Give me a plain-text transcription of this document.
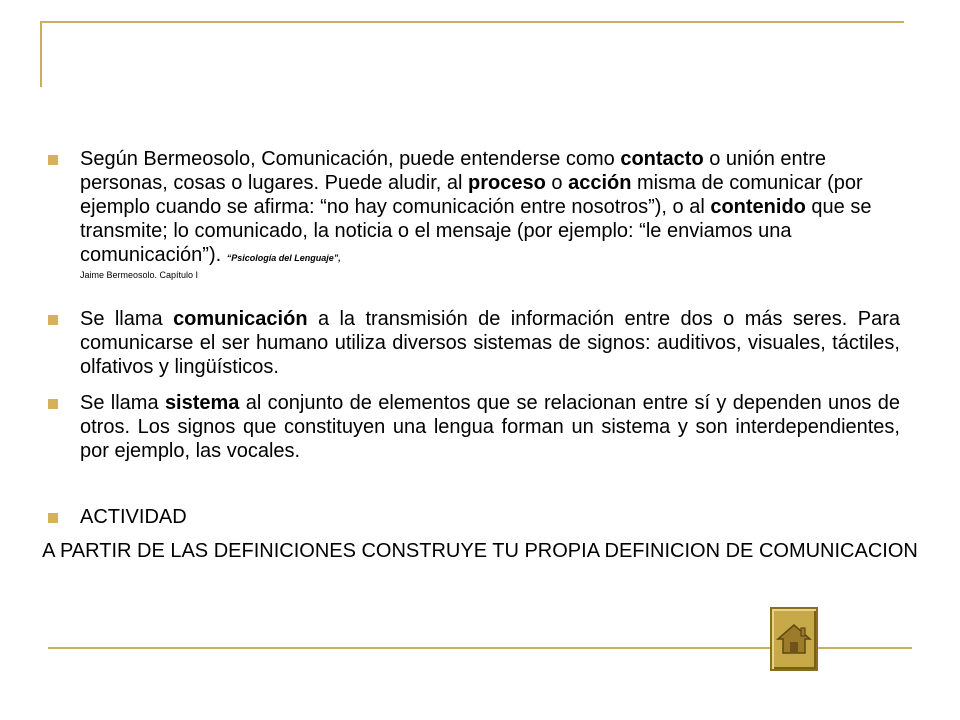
Según Bermeosolo, Comunicación, puede entenderse como contacto o unión entre personas, cosas o lugares. Puede aludir, al proceso o acción misma de comunicar (por ejemplo cuando se afirma: “no hay comunicación entre nosotros”), o al contenido que se transmite; lo comunicado, la noticia o el mensaje (por ejemplo: “le enviamos una comunicación”). “Psicología del Lenguaje”,
Jaime Bermeosolo. Capítulo I
Se llama comunicación a la transmisión de información entre dos o más seres. Para comunicarse el ser humano utiliza diversos sistemas de signos: auditivos, visuales, táctiles, olfativos y lingüísticos.
Se llama sistema al conjunto de elementos que se relacionan entre sí y dependen unos de otros. Los signos que constituyen una lengua forman un sistema y son interdependientes, por ejemplo, las vocales.
ACTIVIDAD
A PARTIR DE LAS DEFINICIONES CONSTRUYE TU PROPIA DEFINICION DE COMUNICACION
